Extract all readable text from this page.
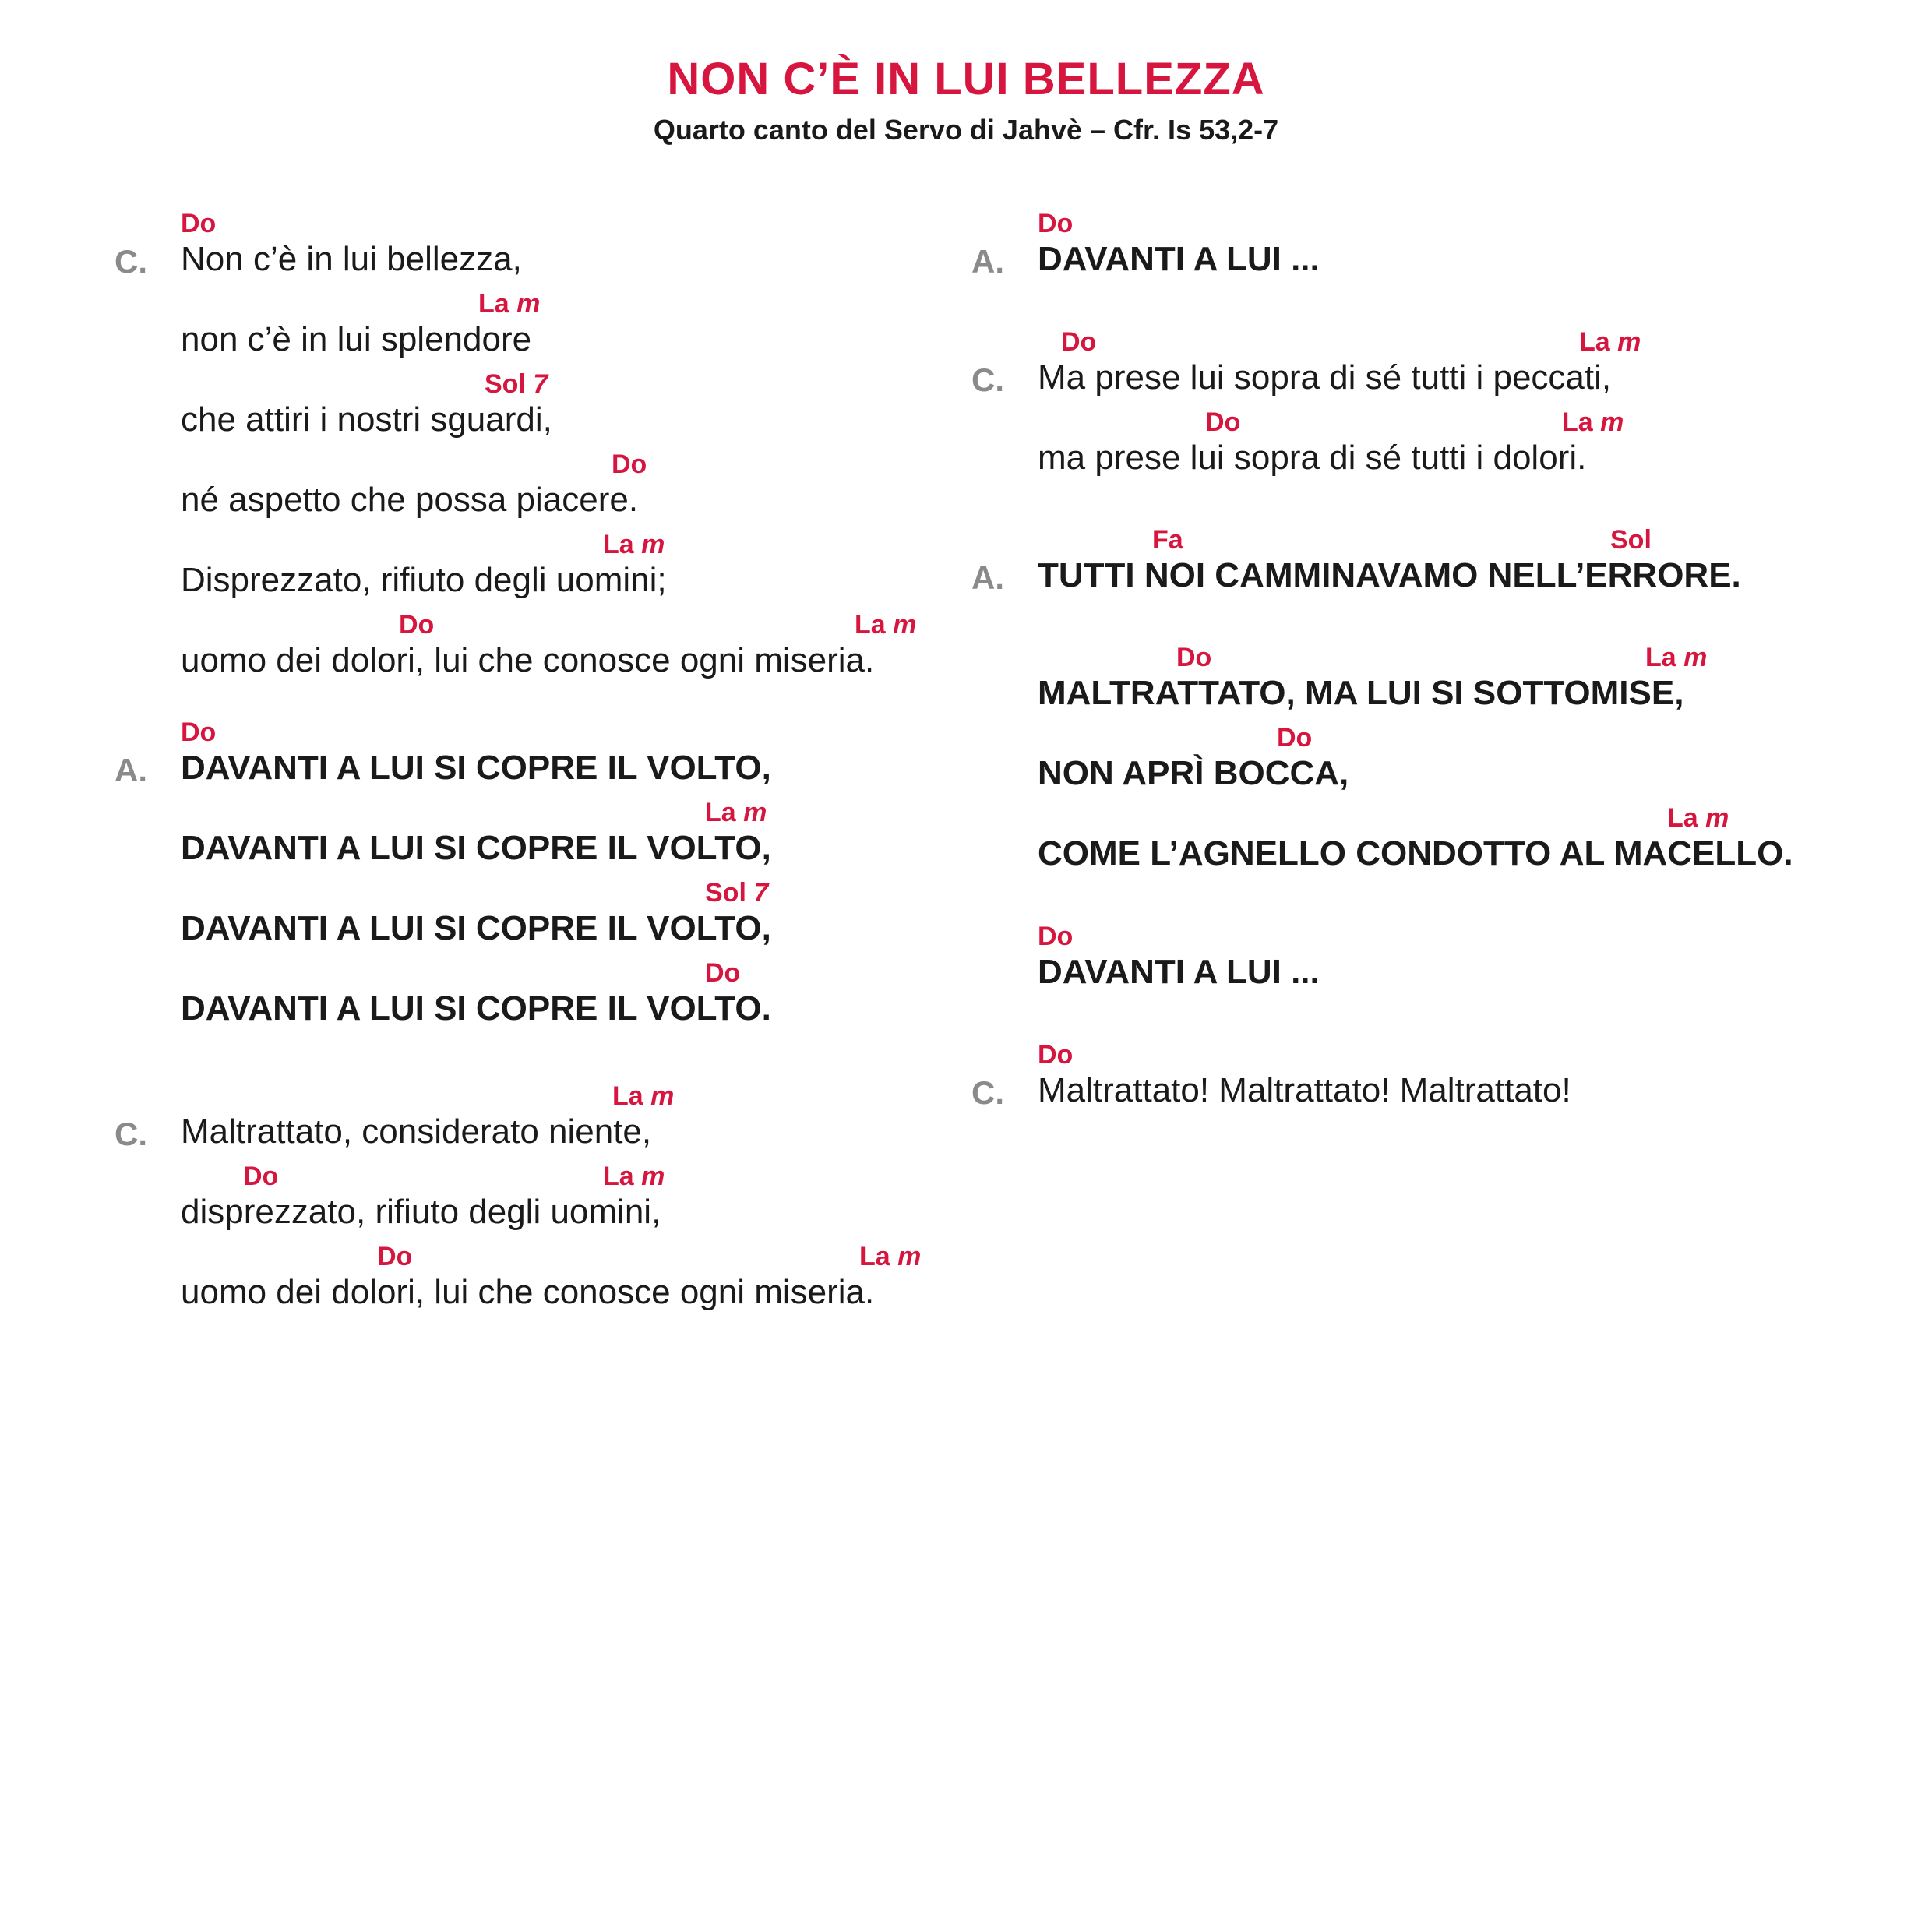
NON C’È IN LUI BELLEZZA
Quarto canto del Servo di Jahvè – Cfr. Is 53,2-7
Do
C. Non c’è in lui bellezza,
La m
non c’è in lui splendore
Sol 7
che attiri i nostri sguardi,
Do
né aspetto che possa piacere.
La m
Disprezzato, rifiuto degli uomini;
Do	La m
uomo dei dolori, lui che conosce ogni miseria.
Do
A. DAVANTI A LUI SI COPRE IL VOLTO,
La m
DAVANTI A LUI SI COPRE IL VOLTO,
Sol 7
DAVANTI A LUI SI COPRE IL VOLTO,
Do
DAVANTI A LUI SI COPRE IL VOLTO.
La m
C. Maltrattato, considerato niente,
Do	La m
disprezzato, rifiuto degli uomini,
Do	La m
uomo dei dolori, lui che conosce ogni miseria.
Do
A. DAVANTI A LUI ...
Do	La m
C. Ma prese lui sopra di sé tutti i peccati,
Do	La m
ma prese lui sopra di sé tutti i dolori.
Fa	Sol
A. TUTTI NOI CAMMINAVAMO NELL’ERRORE.
Do	La m
MALTRATTATO, MA LUI SI SOTTOMISE,
Do
NON APRÌ BOCCA,
La m
COME L’AGNELLO CONDOTTO AL MACELLO.
Do
DAVANTI A LUI ...
Do
C. Maltrattato! Maltrattato! Maltrattato!
